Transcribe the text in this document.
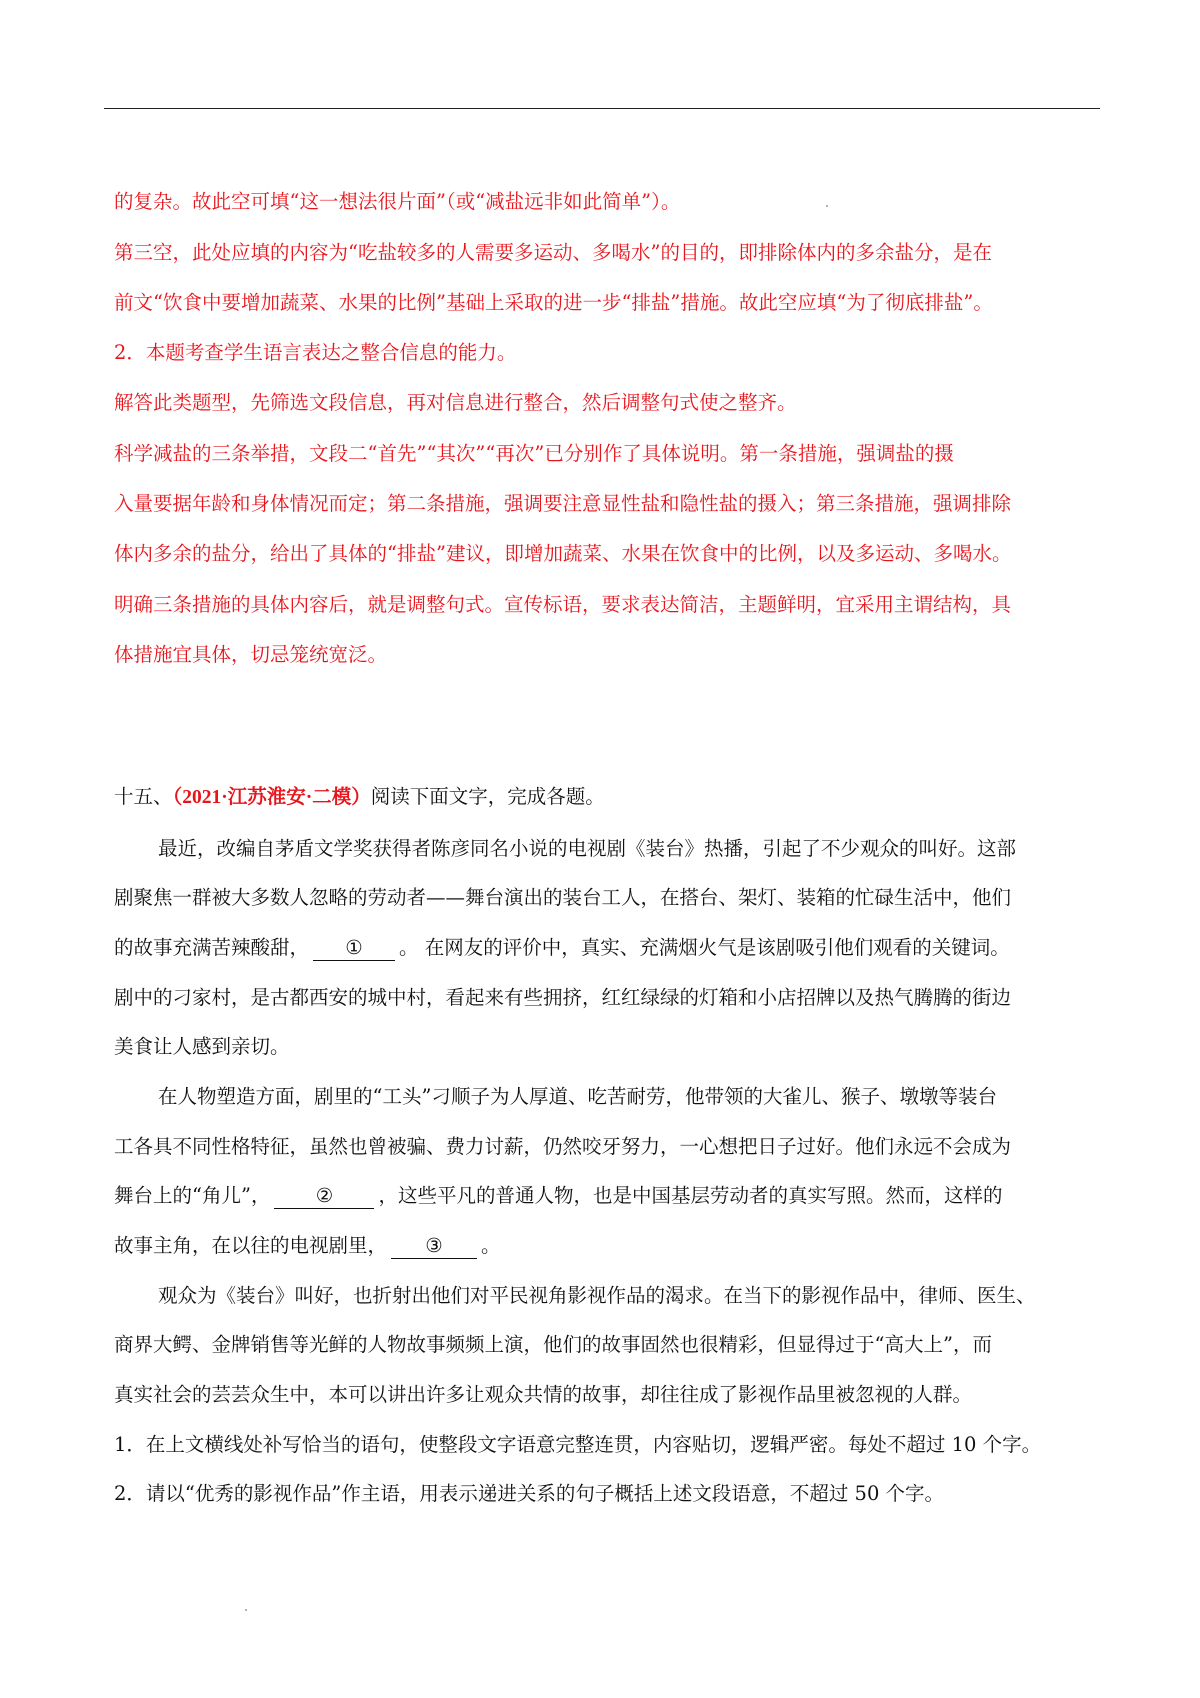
的复杂。故此空可填“这一想法很片面”（或“减盐远非如此简单”）。
第三空，此处应填的内容为“吃盐较多的人需要多运动、多喝水”的目的，即排除体内的多余盐分，是在
前文“饮食中要增加蔬菜、水果的比例”基础上采取的进一步“排盐”措施。故此空应填“为了彻底排盐”。
2．本题考查学生语言表达之整合信息的能力。
解答此类题型，先筛选文段信息，再对信息进行整合，然后调整句式使之整齐。
科学减盐的三条举措，文段二“首先”“其次”“再次”已分别作了具体说明。第一条措施，强调盐的摄
入量要据年龄和身体情况而定；第二条措施，强调要注意显性盐和隐性盐的摄入；第三条措施，强调排除
体内多余的盐分，给出了具体的“排盐”建议，即增加蔬菜、水果在饮食中的比例，以及多运动、多喝水。
明确三条措施的具体内容后，就是调整句式。宣传标语，要求表达简洁，主题鲜明，宜采用主谓结构，具
体措施宜具体，切忌笼统宽泛。
十五、（2021·江苏淮安·二模）阅读下面文字，完成各题。
最近，改编自茅盾文学奖获得者陈彦同名小说的电视剧《装台》热播，引起了不少观众的叫好。这部
剧聚焦一群被大多数人忽略的劳动者——舞台演出的装台工人，在搭台、架灯、装箱的忙碌生活中，他们
的故事充满苦辣酸甜， ① 。 在网友的评价中，真实、充满烟火气是该剧吸引他们观看的关键词。
剧中的刁家村，是古都西安的城中村，看起来有些拥挤，红红绿绿的灯箱和小店招牌以及热气腾腾的街边
美食让人感到亲切。
在人物塑造方面，剧里的“工头”刁顺子为人厚道、吃苦耐劳，他带领的大雀儿、猴子、墩墩等装台
工各具不同性格特征，虽然也曾被骗、费力讨薪，仍然咬牙努力，一心想把日子过好。他们永远不会成为
舞台上的“角儿”， ② ，这些平凡的普通人物，也是中国基层劳动者的真实写照。然而，这样的
故事主角，在以往的电视剧里， ③ 。
观众为《装台》叫好，也折射出他们对平民视角影视作品的渴求。在当下的影视作品中，律师、医生、
商界大鳄、金牌销售等光鲜的人物故事频频上演，他们的故事固然也很精彩，但显得过于“高大上”，而
真实社会的芸芸众生中，本可以讲出许多让观众共情的故事，却往往成了影视作品里被忽视的人群。
1．在上文横线处补写恰当的语句，使整段文字语意完整连贯，内容贴切，逻辑严密。每处不超过 10 个字。
2．请以“优秀的影视作品”作主语，用表示递进关系的句子概括上述文段语意，不超过 50 个字。
